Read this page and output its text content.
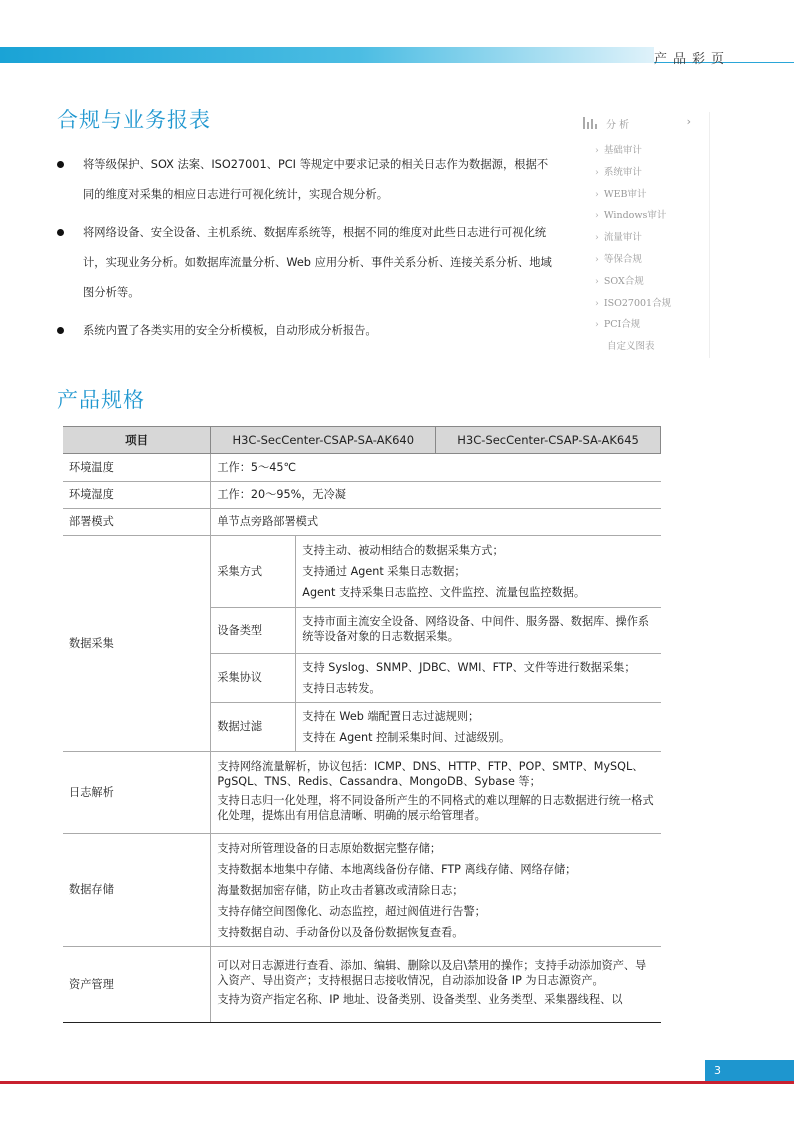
产品彩页
合规与业务报表
将等级保护、SOX 法案、ISO27001、PCI 等规定中要求记录的相关日志作为数据源，根据不同的维度对采集的相应日志进行可视化统计，实现合规分析。
将网络设备、安全设备、主机系统、数据库系统等，根据不同的维度对此些日志进行可视化统计，实现业务分析。如数据库流量分析、Web 应用分析、事件关系分析、连接关系分析、地域图分析等。
系统内置了各类实用的安全分析模板，自动形成分析报告。
分 析	›
› 基础审计
› 系统审计
› WEB审计
› Windows审计
› 流量审计
› 等保合规
› SOX合规
› ISO27001合规
› PCI合规
自定义图表
产品规格
项目	H3C-SecCenter-CSAP-SA-AK640		H3C-SecCenter-CSAP-SA-AK645
环境温度	工作：5～45℃		
环境湿度	工作：20～95%，无冷凝		
部署模式	单节点旁路部署模式		
数据采集	采集方式	支持主动、被动相结合的数据采集方式；
支持通过 Agent 采集日志数据；
Agent 支持采集日志监控、文件监控、流量包监控数据。	

	设备类型	支持市面主流安全设备、网络设备、中间件、服务器、数据库、操作系统等设备对象的日志数据采集。	

	采集协议	支持 Syslog、SNMP、JDBC、WMI、FTP、文件等进行数据采集；
支持日志转发。	

	数据过滤	支持在 Web 端配置日志过滤规则；
支持在 Agent 控制采集时间、过滤级别。	

日志解析	支持网络流量解析，协议包括：ICMP、DNS、HTTP、FTP、POP、SMTP、MySQL、PgSQL、TNS、Redis、Cassandra、MongoDB、Sybase 等；
支持日志归一化处理，将不同设备所产生的不同格式的难以理解的日志数据进行统一格式化处理，提炼出有用信息清晰、明确的展示给管理者。		

数据存储	支持对所管理设备的日志原始数据完整存储；
支持数据本地集中存储、本地离线备份存储、FTP 离线存储、网络存储；
海量数据加密存储，防止攻击者篡改或清除日志；
支持存储空间图像化、动态监控，超过阀值进行告警；
支持数据自动、手动备份以及备份数据恢复查看。		

资产管理	可以对日志源进行查看、添加、编辑、删除以及启\禁用的操作；支持手动添加资产、导入资产、导出资产；支持根据日志接收情况，自动添加设备 IP 为日志源资产。
支持为资产指定名称、IP 地址、设备类别、设备类型、业务类型、采集器线程、以		
3
